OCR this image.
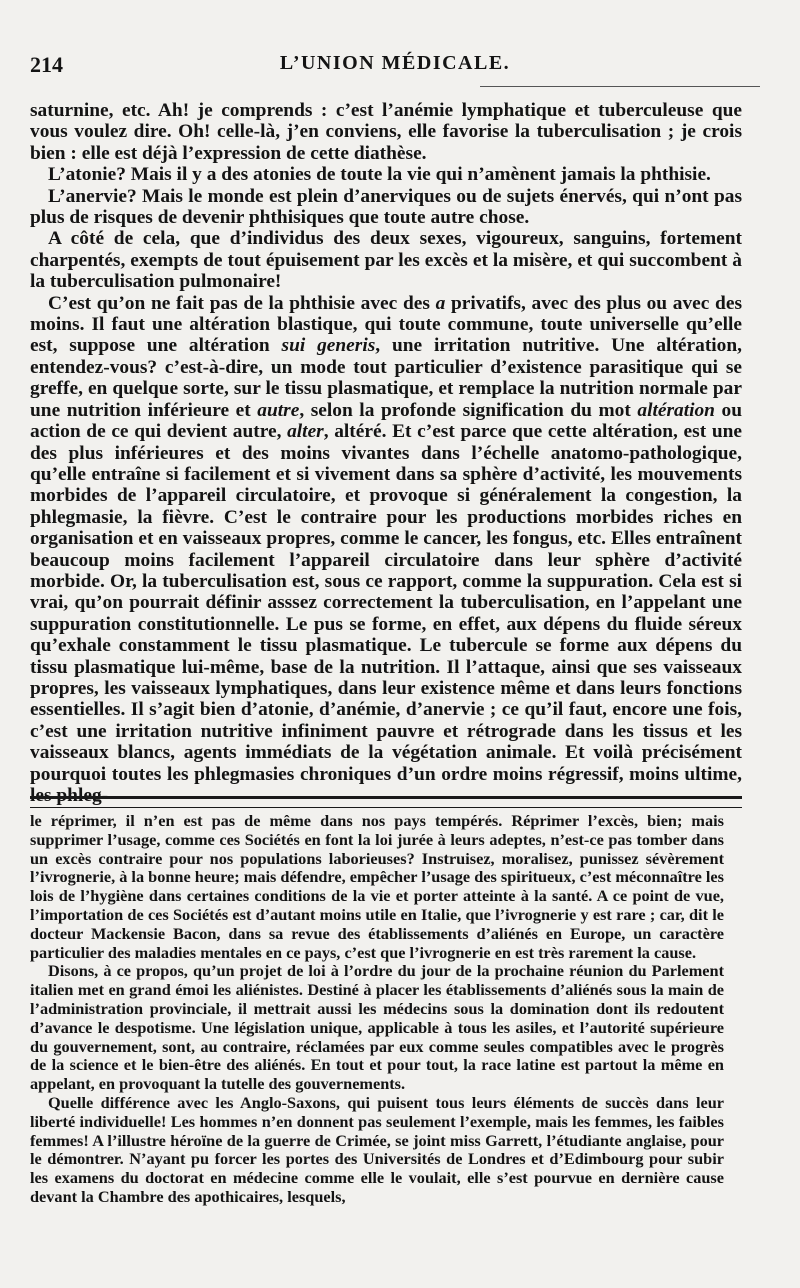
214	L’UNION MÉDICALE.

saturnine, etc. Ah! je comprends : c’est l’anémie lymphatique et tuberculeuse que vous voulez dire. Oh! celle-là, j’en conviens, elle favorise la tuberculisation ; je crois bien : elle est déjà l’expression de cette diathèse.

L’atonie? Mais il y a des atonies de toute la vie qui n’amènent jamais la phthisie.

L’anervie? Mais le monde est plein d’anerviques ou de sujets énervés, qui n’ont pas plus de risques de devenir phthisiques que toute autre chose.

A côté de cela, que d’individus des deux sexes, vigoureux, sanguins, fortement charpentés, exempts de tout épuisement par les excès et la misère, et qui succombent à la tuberculisation pulmonaire!

C’est qu’on ne fait pas de la phthisie avec des a privatifs, avec des plus ou avec des moins. Il faut une altération blastique, qui toute commune, toute universelle qu’elle est, suppose une altération sui generis, une irritation nutritive. Une altération, entendez-vous? c’est-à-dire, un mode tout particulier d’existence parasitique qui se greffe, en quelque sorte, sur le tissu plasmatique, et remplace la nutrition normale par une nutrition inférieure et autre, selon la profonde signification du mot altération ou action de ce qui devient autre, alter, altéré. Et c’est parce que cette altération, est une des plus inférieures et des moins vivantes dans l’échelle anatomo-pathologique, qu’elle entraîne si facilement et si vivement dans sa sphère d’activité, les mouvements morbides de l’appareil circulatoire, et provoque si généralement la congestion, la phlegmasie, la fièvre. C’est le contraire pour les productions morbides riches en organisation et en vaisseaux propres, comme le cancer, les fongus, etc. Elles entraînent beaucoup moins facilement l’appareil circulatoire dans leur sphère d’activité morbide. Or, la tuberculisation est, sous ce rapport, comme la suppuration. Cela est si vrai, qu’on pourrait définir asssez correctement la tuberculisation, en l’appelant une suppuration constitutionnelle. Le pus se forme, en effet, aux dépens du fluide séreux qu’exhale constamment le tissu plasmatique. Le tubercule se forme aux dépens du tissu plasmatique lui-même, base de la nutrition. Il l’attaque, ainsi que ses vaisseaux propres, les vaisseaux lymphatiques, dans leur existence même et dans leurs fonctions essentielles. Il s’agit bien d’atonie, d’anémie, d’anervie ; ce qu’il faut, encore une fois, c’est une irritation nutritive infiniment pauvre et rétrograde dans les tissus et les vaisseaux blancs, agents immédiats de la végétation animale. Et voilà précisément pourquoi toutes les phlegmasies chroniques d’un ordre moins régressif, moins ultime, les phleg-

le réprimer, il n’en est pas de même dans nos pays tempérés. Réprimer l’excès, bien; mais supprimer l’usage, comme ces Sociétés en font la loi jurée à leurs adeptes, n’est-ce pas tomber dans un excès contraire pour nos populations laborieuses? Instruisez, moralisez, punissez sévèrement l’ivrognerie, à la bonne heure; mais défendre, empêcher l’usage des spiritueux, c’est méconnaître les lois de l’hygiène dans certaines conditions de la vie et porter atteinte à la santé. A ce point de vue, l’importation de ces Sociétés est d’autant moins utile en Italie, que l’ivrognerie y est rare ; car, dit le docteur Mackensie Bacon, dans sa revue des établissements d’aliénés en Europe, un caractère particulier des maladies mentales en ce pays, c’est que l’ivrognerie en est très rarement la cause.

Disons, à ce propos, qu’un projet de loi à l’ordre du jour de la prochaine réunion du Parlement italien met en grand émoi les aliénistes. Destiné à placer les établissements d’aliénés sous la main de l’administration provinciale, il mettrait aussi les médecins sous la domination dont ils redoutent d’avance le despotisme. Une législation unique, applicable à tous les asiles, et l’autorité supérieure du gouvernement, sont, au contraire, réclamées par eux comme seules compatibles avec le progrès de la science et le bien-être des aliénés. En tout et pour tout, la race latine est partout la même en appelant, en provoquant la tutelle des gouvernements.

Quelle différence avec les Anglo-Saxons, qui puisent tous leurs éléments de succès dans leur liberté individuelle! Les hommes n’en donnent pas seulement l’exemple, mais les femmes, les faibles femmes! A l’illustre héroïne de la guerre de Crimée, se joint miss Garrett, l’étudiante anglaise, pour le démontrer. N’ayant pu forcer les portes des Universités de Londres et d’Edimbourg pour subir les examens du doctorat en médecine comme elle le voulait, elle s’est pourvue en dernière cause devant la Chambre des apothicaires, lesquels,
